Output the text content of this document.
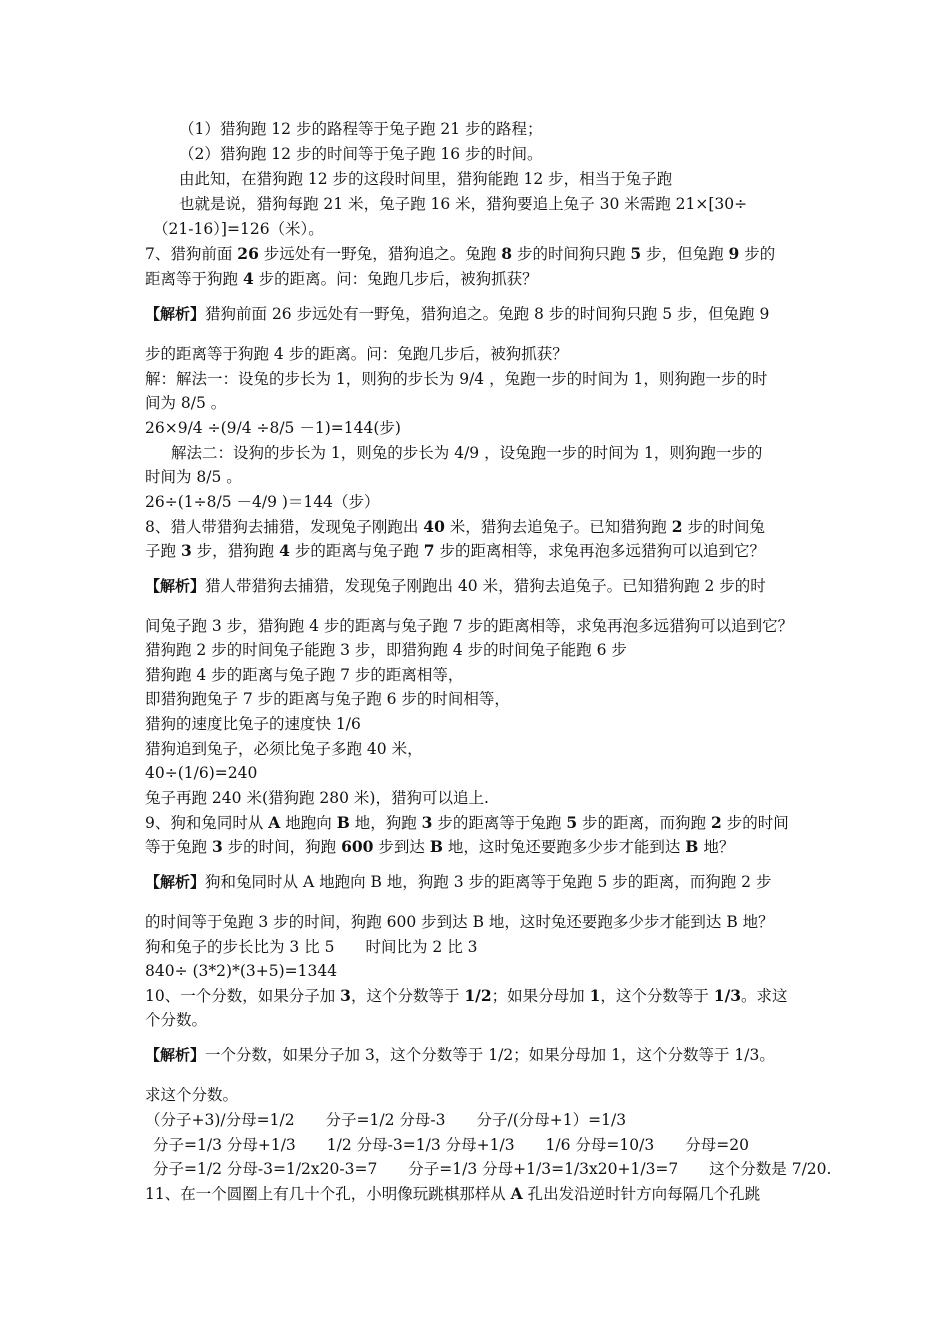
（1）猎狗跑 12 步的路程等于兔子跑 21 步的路程；
（2）猎狗跑 12 步的时间等于兔子跑 16 步的时间。
由此知，在猎狗跑 12 步的这段时间里，猎狗能跑 12 步，相当于兔子跑
也就是说，猎狗每跑 21 米，兔子跑 16 米，猎狗要追上兔子 30 米需跑 21×[30÷
（21-16）]=126（米）。
7、猎狗前面 26 步远处有一野兔，猎狗追之。兔跑 8 步的时间狗只跑 5 步，但兔跑 9 步的
距离等于狗跑 4 步的距离。问：兔跑几步后，被狗抓获？
【解析】猎狗前面 26 步远处有一野兔，猎狗追之。兔跑 8 步的时间狗只跑 5 步，但兔跑 9
步的距离等于狗跑 4 步的距离。问：兔跑几步后，被狗抓获？
解：解法一：设兔的步长为 1，则狗的步长为 9/4 ，兔跑一步的时间为 1，则狗跑一步的时
间为 8/5 。
26×9/4 ÷(9/4 ÷8/5 －1)=144(步)
解法二：设狗的步长为 1，则兔的步长为 4/9 ，设兔跑一步的时间为 1，则狗跑一步的
时间为 8/5 。
26÷(1÷8/5 －4/9 )＝144（步）
8、猎人带猎狗去捕猎，发现兔子刚跑出 40 米，猎狗去追兔子。已知猎狗跑 2 步的时间兔
子跑 3 步，猎狗跑 4 步的距离与兔子跑 7 步的距离相等，求兔再泡多远猎狗可以追到它？
【解析】猎人带猎狗去捕猎，发现兔子刚跑出 40 米，猎狗去追兔子。已知猎狗跑 2 步的时
间兔子跑 3 步，猎狗跑 4 步的距离与兔子跑 7 步的距离相等，求兔再泡多远猎狗可以追到它？
猎狗跑 2 步的时间兔子能跑 3 步，即猎狗跑 4 步的时间兔子能跑 6 步
猎狗跑 4 步的距离与兔子跑 7 步的距离相等，
即猎狗跑兔子 7 步的距离与兔子跑 6 步的时间相等，
猎狗的速度比兔子的速度快 1/6
猎狗追到兔子，必须比兔子多跑 40 米，
40÷(1/6)=240
兔子再跑 240 米(猎狗跑 280 米)，猎狗可以追上.
9、狗和兔同时从 A 地跑向 B 地，狗跑 3 步的距离等于兔跑 5 步的距离，而狗跑 2 步的时间
等于兔跑 3 步的时间，狗跑 600 步到达 B 地，这时兔还要跑多少步才能到达 B 地？
【解析】狗和兔同时从 A 地跑向 B 地，狗跑 3 步的距离等于兔跑 5 步的距离，而狗跑 2 步
的时间等于兔跑 3 步的时间，狗跑 600 步到达 B 地，这时兔还要跑多少步才能到达 B 地？
狗和兔子的步长比为 3 比 5　　时间比为 2 比 3
840÷ (3*2)*(3+5)=1344
10、一个分数，如果分子加 3，这个分数等于 1/2；如果分母加 1，这个分数等于 1/3。求这
个分数。
【解析】一个分数，如果分子加 3，这个分数等于 1/2；如果分母加 1，这个分数等于 1/3。
求这个分数。
（分子+3)/分母=1/2　　分子=1/2 分母-3　　分子/(分母+1）=1/3
分子=1/3 分母+1/3　　1/2 分母-3=1/3 分母+1/3　　1/6 分母=10/3　　分母=20
分子=1/2 分母-3=1/2x20-3=7　　分子=1/3 分母+1/3=1/3x20+1/3=7　　这个分数是 7/20.
11、在一个圆圈上有几十个孔，小明像玩跳棋那样从 A 孔出发沿逆时针方向每隔几个孔跳
